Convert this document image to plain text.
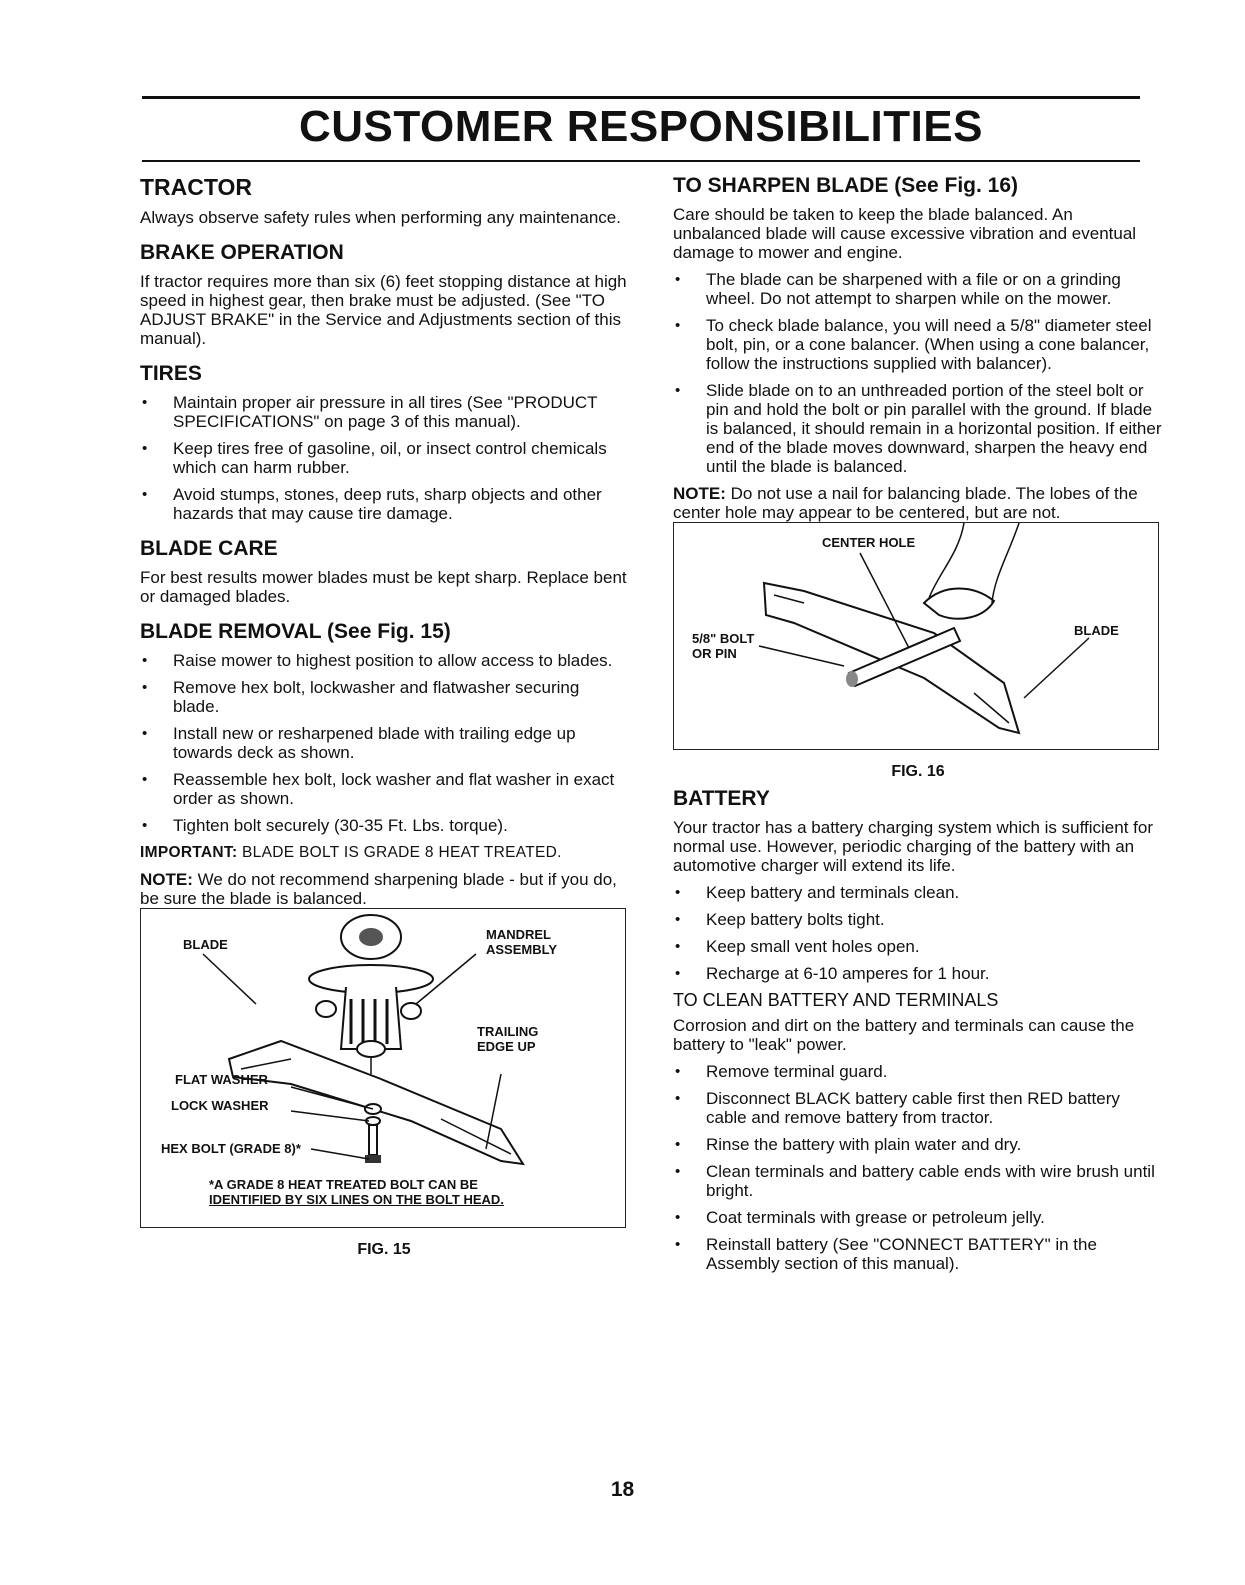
CUSTOMER RESPONSIBILITIES
TRACTOR

Always observe safety rules when performing any maintenance.

BRAKE OPERATION

If tractor requires more than six (6) feet stopping distance at high speed in highest gear, then brake must be adjusted. (See "TO ADJUST BRAKE" in the Service and Adjustments section of this manual).

TIRES
• Maintain proper air pressure in all tires (See "PRODUCT SPECIFICATIONS" on page 3 of this manual).
• Keep tires free of gasoline, oil, or insect control chemicals which can harm rubber.
• Avoid stumps, stones, deep ruts, sharp objects and other hazards that may cause tire damage.
BLADE CARE

For best results mower blades must be kept sharp. Replace bent or damaged blades.

BLADE REMOVAL (See Fig. 15)
• Raise mower to highest position to allow access to blades.
• Remove hex bolt, lockwasher and flatwasher securing blade.
• Install new or resharpened blade with trailing edge up towards deck as shown.
• Reassemble hex bolt, lock washer and flat washer in exact order as shown.
• Tighten bolt securely (30-35 Ft. Lbs. torque).

IMPORTANT: BLADE BOLT IS GRADE 8 HEAT TREATED.

NOTE: We do not recommend sharpening blade - but if you do, be sure the blade is balanced.

BLADE
MANDREL
ASSEMBLY
TRAILING
EDGE UP
FLAT WASHER
LOCK WASHER
HEX BOLT (GRADE 8)*
*A GRADE 8 HEAT TREATED BOLT CAN BE
IDENTIFIED BY SIX LINES ON THE BOLT HEAD.
FIG. 15
TO SHARPEN BLADE (See Fig. 16)

Care should be taken to keep the blade balanced. An unbalanced blade will cause excessive vibration and eventual damage to mower and engine.

• The blade can be sharpened with a file or on a grinding wheel. Do not attempt to sharpen while on the mower.
• To check blade balance, you will need a 5/8" diameter steel bolt, pin, or a cone balancer. (When using a cone balancer, follow the instructions supplied with balancer).
• Slide blade on to an unthreaded portion of the steel bolt or pin and hold the bolt or pin parallel with the ground. If blade is balanced, it should remain in a horizontal position. If either end of the blade moves downward, sharpen the heavy end until the blade is balanced.

NOTE: Do not use a nail for balancing blade. The lobes of the center hole may appear to be centered, but are not.

CENTER HOLE
5/8" BOLT
OR PIN
BLADE
FIG. 16
BATTERY

Your tractor has a battery charging system which is sufficient for normal use. However, periodic charging of the battery with an automotive charger will extend its life.

• Keep battery and terminals clean.
• Keep battery bolts tight.
• Keep small vent holes open.
• Recharge at 6-10 amperes for 1 hour.
TO CLEAN BATTERY AND TERMINALS

Corrosion and dirt on the battery and terminals can cause the battery to "leak" power.

• Remove terminal guard.
• Disconnect BLACK battery cable first then RED battery cable and remove battery from tractor.
• Rinse the battery with plain water and dry.
• Clean terminals and battery cable ends with wire brush until bright.
• Coat terminals with grease or petroleum jelly.
• Reinstall battery (See "CONNECT BATTERY" in the Assembly section of this manual).
18
